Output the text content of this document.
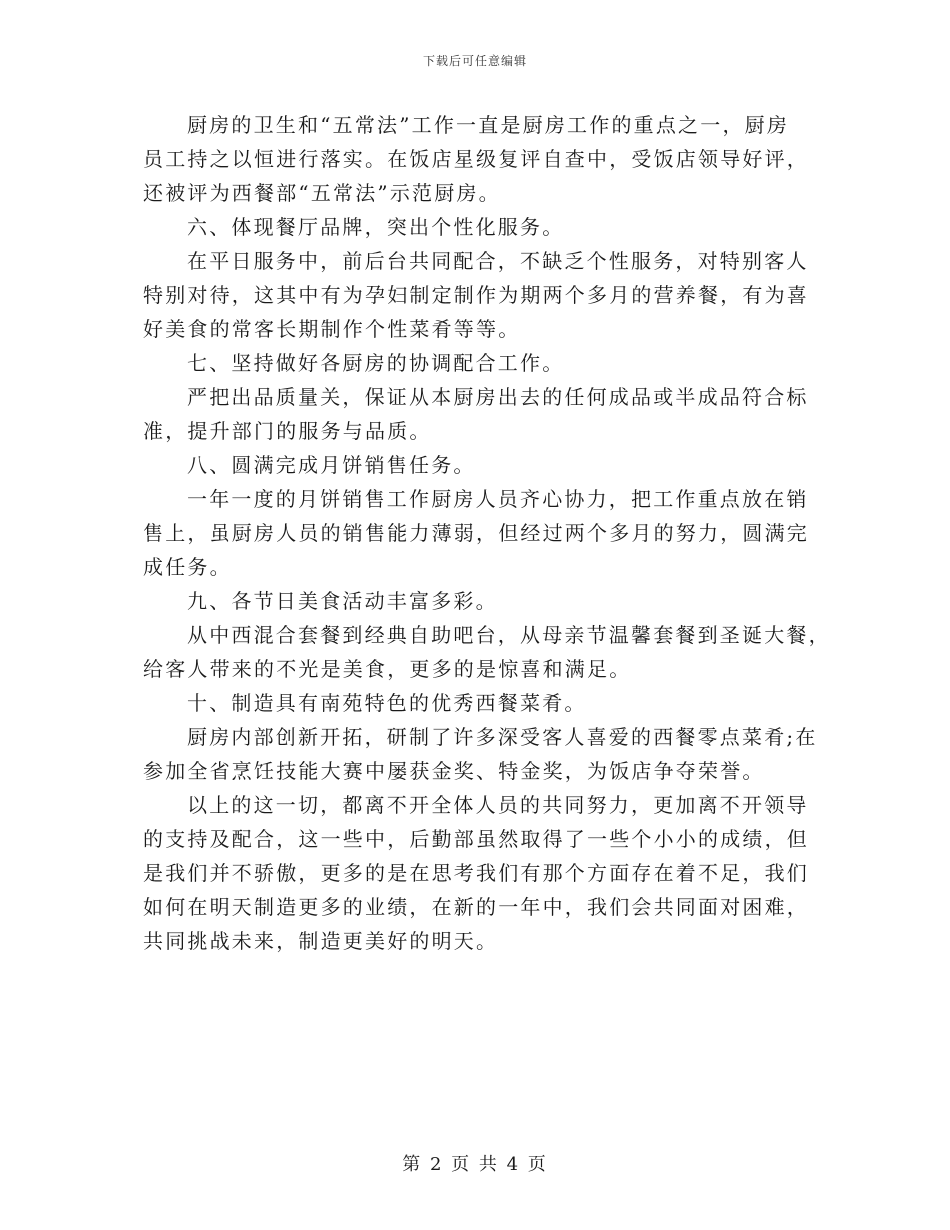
下载后可任意编辑

厨房的卫生和“五常法”工作一直是厨房工作的重点之一，厨房

员工持之以恒进行落实。在饭店星级复评自查中，受饭店领导好评，

还被评为西餐部“五常法”示范厨房。

六、体现餐厅品牌，突出个性化服务。

在平日服务中，前后台共同配合，不缺乏个性服务，对特别客人

特别对待，这其中有为孕妇制定制作为期两个多月的营养餐，有为喜

好美食的常客长期制作个性菜肴等等。

七、坚持做好各厨房的协调配合工作。

严把出品质量关，保证从本厨房出去的任何成品或半成品符合标

准，提升部门的服务与品质。

八、圆满完成月饼销售任务。

一年一度的月饼销售工作厨房人员齐心协力，把工作重点放在销

售上，虽厨房人员的销售能力薄弱，但经过两个多月的努力，圆满完

成任务。

九、各节日美食活动丰富多彩。

从中西混合套餐到经典自助吧台，从母亲节温馨套餐到圣诞大餐，

给客人带来的不光是美食，更多的是惊喜和满足。

十、制造具有南苑特色的优秀西餐菜肴。

厨房内部创新开拓，研制了许多深受客人喜爱的西餐零点菜肴;在

参加全省烹饪技能大赛中屡获金奖、特金奖，为饭店争夺荣誉。

以上的这一切，都离不开全体人员的共同努力，更加离不开领导

的支持及配合，这一些中，后勤部虽然取得了一些个小小的成绩，但

是我们并不骄傲，更多的是在思考我们有那个方面存在着不足，我们

如何在明天制造更多的业绩，在新的一年中，我们会共同面对困难，

共同挑战未来，制造更美好的明天。

第 2 页 共 4 页
